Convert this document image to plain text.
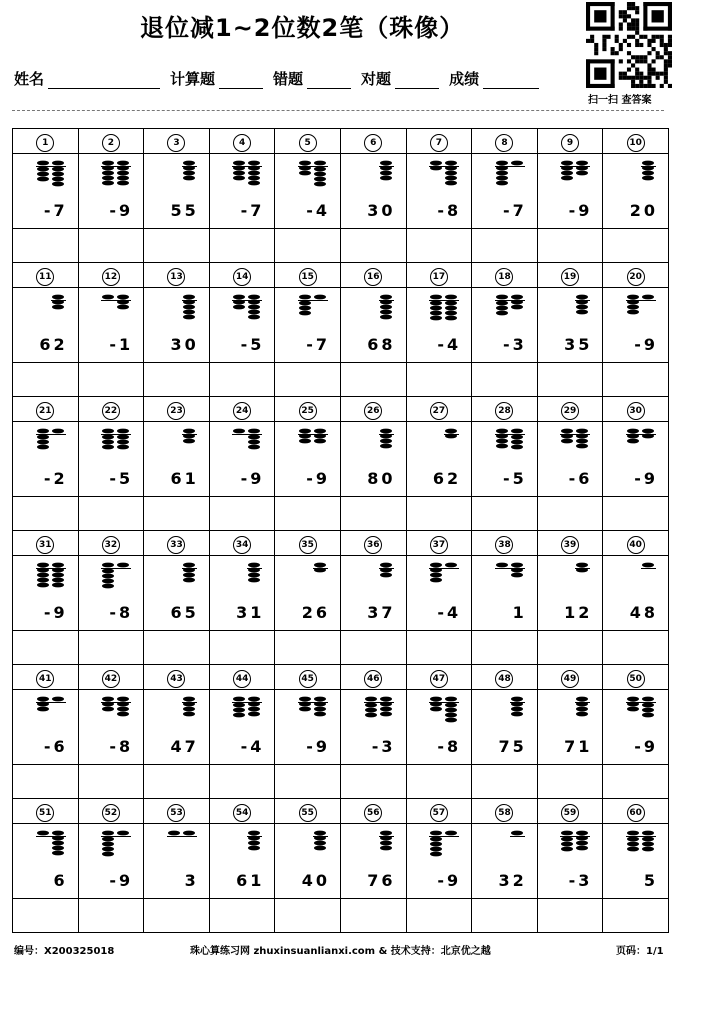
退位减1~2位数2笔（珠像）
扫一扫 查答案
姓名	计算题	错题	对题	成绩
1	2	3	4	5	6	7	8	9	10

-7	-9	55	-7	-4	30	-8	-7	-9	20

11	12	13	14	15	16	17	18	19	20

62	-1	30	-5	-7	68	-4	-3	35	-9

21	22	23	24	25	26	27	28	29	30

-2	-5	61	-9	-9	80	62	-5	-6	-9

31	32	33	34	35	36	37	38	39	40

-9	-8	65	31	26	37	-4	1	12	48

41	42	43	44	45	46	47	48	49	50

-6	-8	47	-4	-9	-3	-8	75	71	-9

51	52	53	54	55	56	57	58	59	60

6	-9	3	61	40	76	-9	32	-3	5

编号：X200325018	珠心算练习网 zhuxinsuanlianxi.com & 技术支持：北京优之越	页码：1/1
